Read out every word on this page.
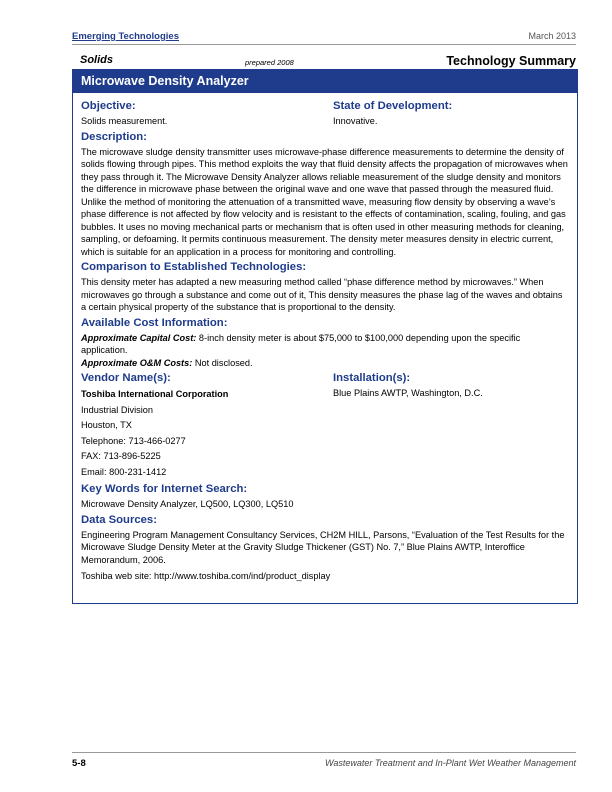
Emerging Technologies	March 2013
Solids	prepared 2008	Technology Summary
Microwave Density Analyzer
Objective:

Solids measurement.

State of Development:

Innovative.

Description:

The microwave sludge density transmitter uses microwave-phase difference measurements to determine the density of solids flowing through pipes. This method exploits the way that fluid density affects the propagation of microwaves when they pass through it. The Microwave Density Analyzer allows reliable measurement of the sludge density and monitors the difference in microwave phase between the original wave and one wave that passed through the measured fluid. Unlike the method of monitoring the attenuation of a transmitted wave, measuring flow density by observing a wave’s phase difference is not affected by flow velocity and is resistant to the effects of contamination, scaling, fouling, and gas bubbles. It uses no moving mechanical parts or mechanism that is often used in other measuring methods for cleaning, sampling, or defoaming. It permits continuous measurement. The density meter measures density in electric current, which is suitable for an application in a process for monitoring and controlling.

Comparison to Established Technologies:

This density meter has adapted a new measuring method called “phase difference method by microwaves.” When microwaves go through a substance and come out of it, This density measures the phase lag of the waves and obtains a certain physical property of the substance that is proportional to the density.

Available Cost Information:

Approximate Capital Cost: 8-inch density meter is about $75,000 to $100,000 depending upon the specific application.

Approximate O&M Costs: Not disclosed.

Vendor Name(s):
Toshiba International Corporation
Industrial Division
Houston, TX
Telephone: 713-466-0277
FAX: 713-896-5225
Email: 800-231-1412
Installation(s):

Blue Plains AWTP, Washington, D.C.

Key Words for Internet Search:

Microwave Density Analyzer, LQ500, LQ300, LQ510

Data Sources:

Engineering Program Management Consultancy Services, CH2M HILL, Parsons, “Evaluation of the Test Results for the Microwave Sludge Density Meter at the Gravity Sludge Thickener (GST) No. 7,” Blue Plains AWTP, Interoffice Memorandum, 2006.

Toshiba web site: http://www.toshiba.com/ind/product_display

5-8	Wastewater Treatment and In-Plant Wet Weather Management
